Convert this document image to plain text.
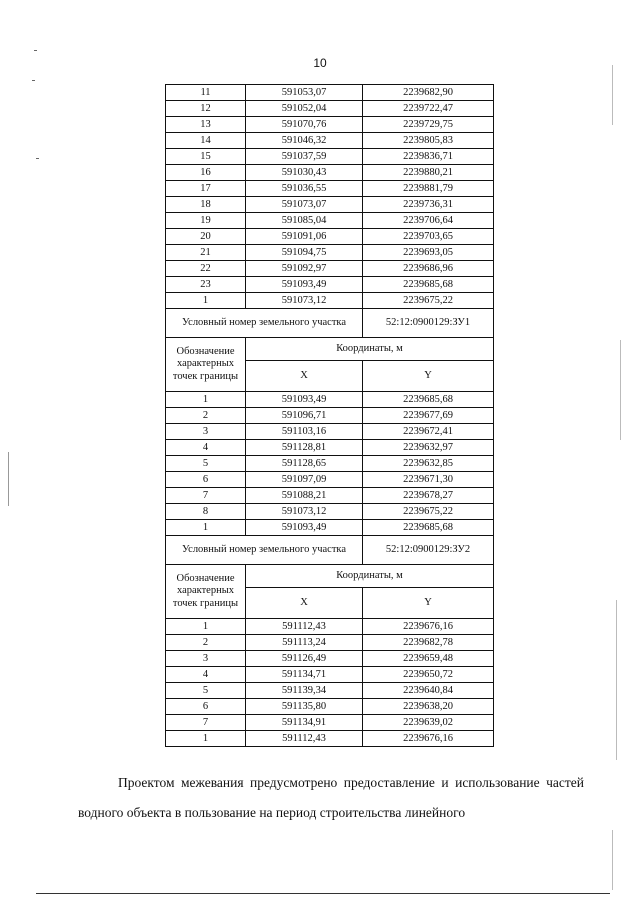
10
11	591053,07	2239682,90
12	591052,04	2239722,47
13	591070,76	2239729,75
14	591046,32	2239805,83
15	591037,59	2239836,71
16	591030,43	2239880,21
17	591036,55	2239881,79
18	591073,07	2239736,31
19	591085,04	2239706,64
20	591091,06	2239703,65
21	591094,75	2239693,05
22	591092,97	2239686,96
23	591093,49	2239685,68
1	591073,12	2239675,22
Условный номер земельного участка		52:12:0900129:ЗУ1
Обозначение характерных точек границы	Координаты, м	
	X	Y
1	591093,49	2239685,68
2	591096,71	2239677,69
3	591103,16	2239672,41
4	591128,81	2239632,97
5	591128,65	2239632,85
6	591097,09	2239671,30
7	591088,21	2239678,27
8	591073,12	2239675,22
1	591093,49	2239685,68
Условный номер земельного участка		52:12:0900129:ЗУ2
Обозначение характерных точек границы	Координаты, м	
	X	Y
1	591112,43	2239676,16
2	591113,24	2239682,78
3	591126,49	2239659,48
4	591134,71	2239650,72
5	591139,34	2239640,84
6	591135,80	2239638,20
7	591134,91	2239639,02
1	591112,43	2239676,16
Проектом межевания предусмотрено предоставление и использование частей водного объекта в пользование на период строительства линейного
